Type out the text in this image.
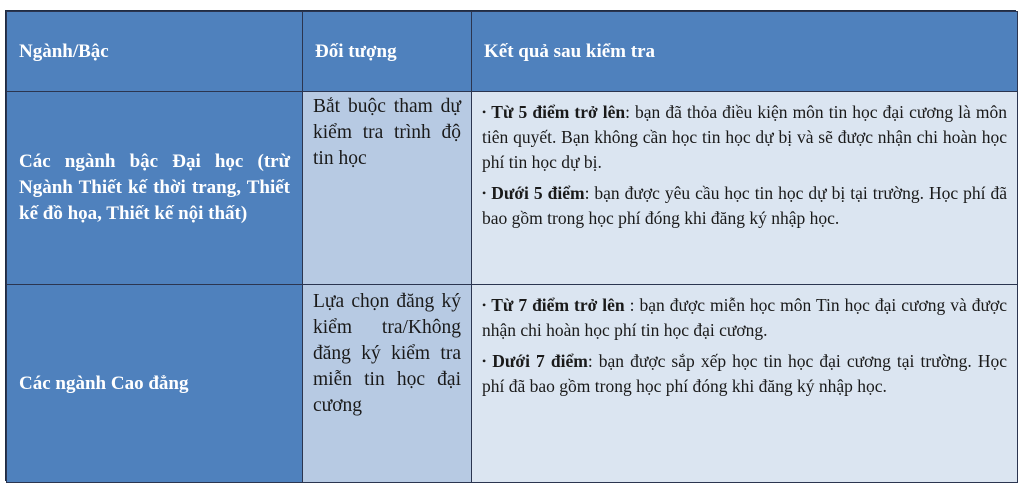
Ngành/Bậc	Đối tượng	Kết quả sau kiểm tra
Các ngành bậc Đại học (trừ Ngành Thiết kế thời trang, Thiết kế đồ họa, Thiết kế nội thất)	Bắt buộc tham dự kiểm tra trình độ tin học	• Từ 5 điểm trở lên: bạn đã thỏa điều kiện môn tin học đại cương là môn tiên quyết. Bạn không cần học tin học dự bị và sẽ được nhận chi hoàn học phí tin học dự bị.

• Dưới 5 điểm: bạn được yêu cầu học tin học dự bị tại trường. Học phí đã bao gồm trong học phí đóng khi đăng ký nhập học.

Các ngành Cao đẳng	Lựa chọn đăng ký kiểm tra/Không đăng ký kiểm tra miễn tin học đại cương	• Từ 7 điểm trở lên : bạn được miễn học môn Tin học đại cương và được nhận chi hoàn học phí tin học đại cương.

• Dưới 7 điểm: bạn được sắp xếp học tin học đại cương tại trường. Học phí đã bao gồm trong học phí đóng khi đăng ký nhập học.
